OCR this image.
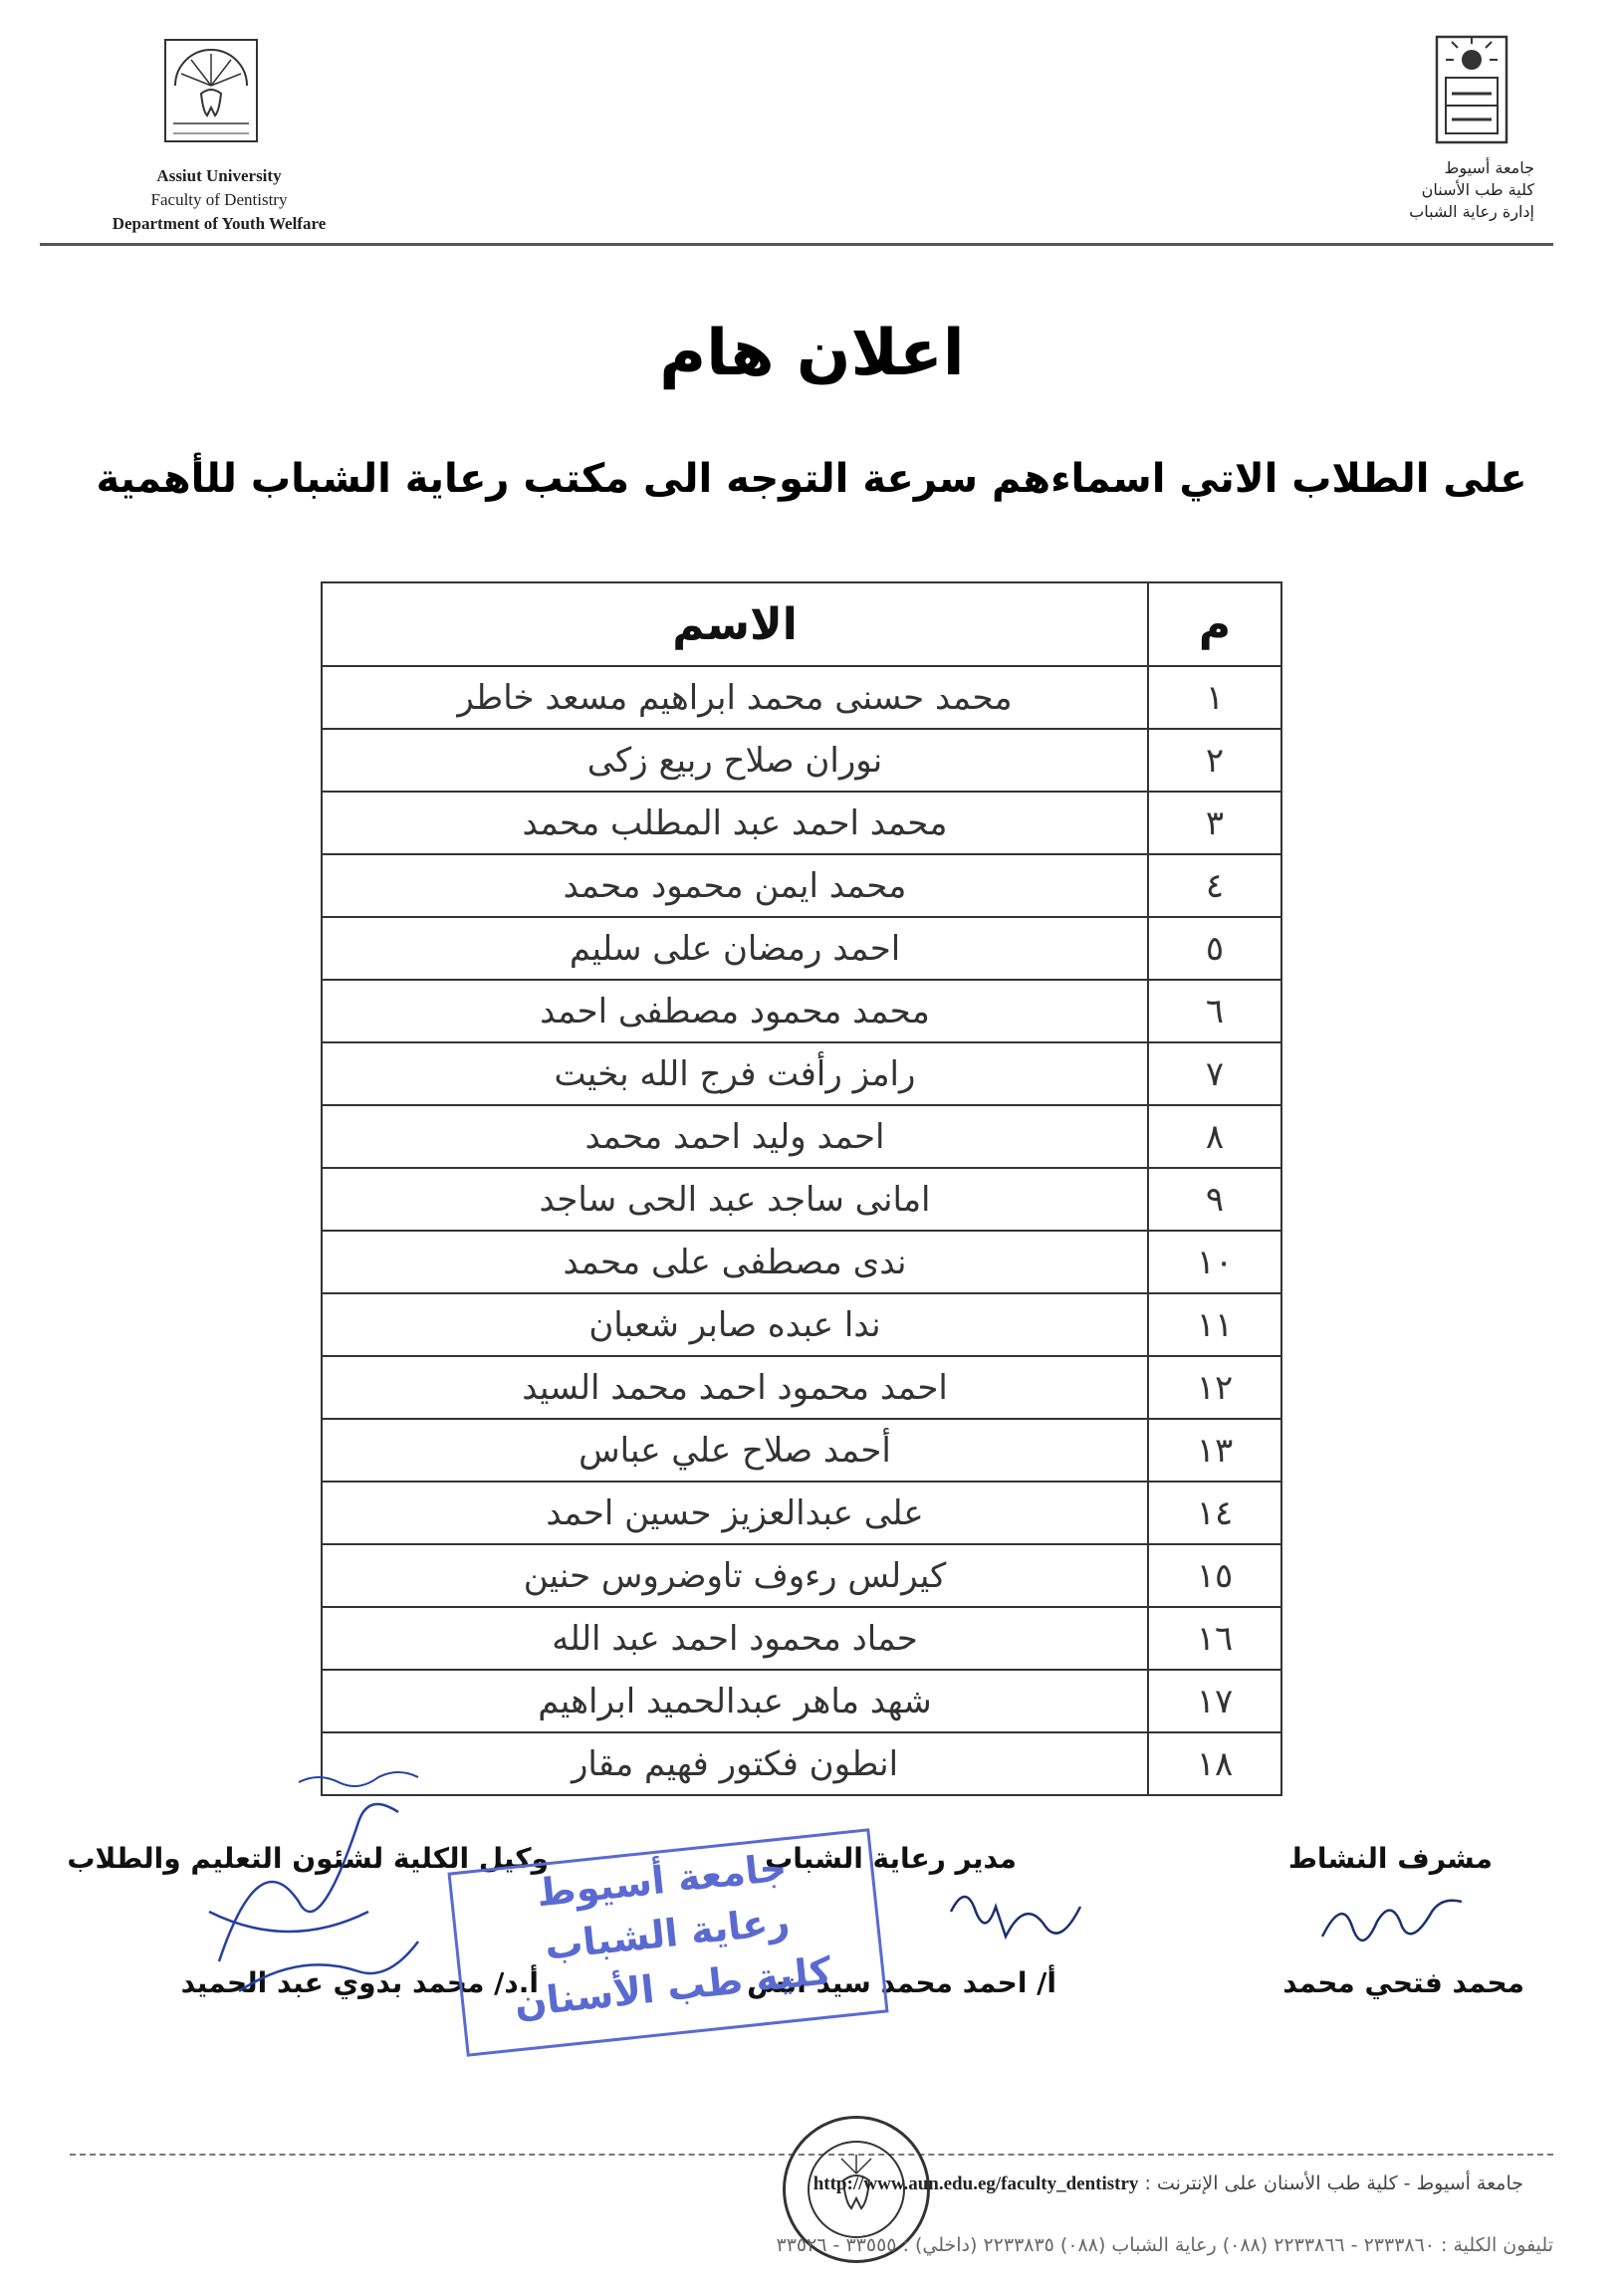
Assiut University
Faculty of Dentistry
Department of Youth Welfare
جامعة أسيوط
كلية طب الأسنان
إدارة رعاية الشباب
اعلان هام
على الطلاب الاتي اسماءهم سرعة التوجه الى مكتب رعاية الشباب للأهمية
م	الاسم
١	محمد حسنى محمد ابراهيم مسعد خاطر
٢	نوران صلاح ربيع زكى
٣	محمد احمد عبد المطلب محمد
٤	محمد ايمن محمود محمد
٥	احمد رمضان على سليم
٦	محمد محمود مصطفى احمد
٧	رامز رأفت فرج الله بخيت
٨	احمد وليد احمد محمد
٩	امانى ساجد عبد الحى ساجد
١٠	ندى مصطفى على محمد
١١	ندا عبده صابر شعبان
١٢	احمد محمود احمد محمد السيد
١٣	أحمد صلاح علي عباس
١٤	على عبدالعزيز حسين احمد
١٥	كيرلس رءوف تاوضروس حنين
١٦	حماد محمود احمد عبد الله
١٧	شهد ماهر عبدالحميد ابراهيم
١٨	انطون فكتور فهيم مقار
مشرف النشاط
محمد فتحي محمد
مدير رعاية الشباب
أ/ احمد محمد سيد انس
وكيل الكلية لشئون التعليم والطلاب
أ.د/ محمد بدوي عبد الحميد
جامعة أسيوط
رعاية الشباب
كلية طب الأسنان
جامعة أسيوط - كلية طب الأسنان على الإنترنت : http://www.aun.edu.eg/faculty_dentistry
تليفون الكلية : ٢٣٣٣٨٦٠ - ٢٢٣٣٨٦٦ (٠٨٨) رعاية الشباب (٠٨٨) ٢٢٣٣٨٣٥ (داخلي) : ٣٣٥٥٥ - ٣٣٥٢٦
